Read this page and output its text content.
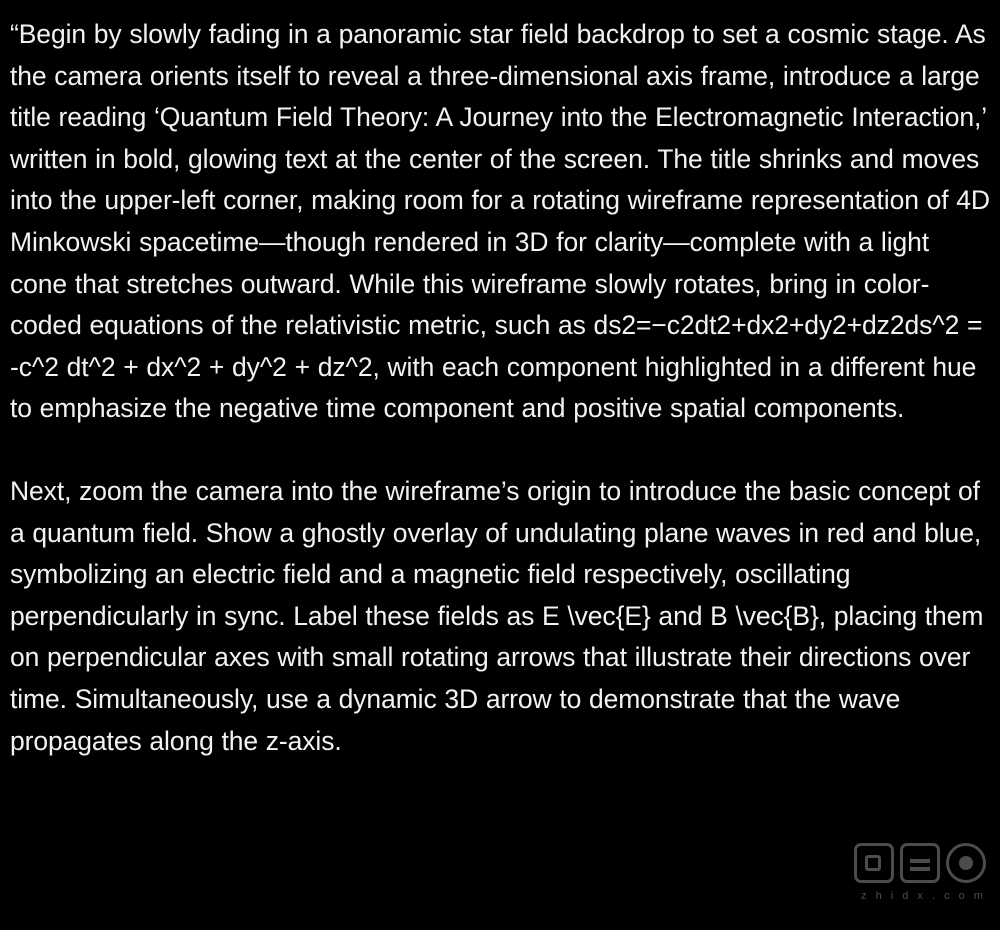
“Begin by slowly fading in a panoramic star field backdrop to set a cosmic stage. As the camera orients itself to reveal a three-dimensional axis frame, introduce a large title reading ‘Quantum Field Theory: A Journey into the Electromagnetic Interaction,’ written in bold, glowing text at the center of the screen. The title shrinks and moves into the upper-left corner, making room for a rotating wireframe representation of 4D Minkowski spacetime—though rendered in 3D for clarity—complete with a light cone that stretches outward. While this wireframe slowly rotates, bring in color-coded equations of the relativistic metric, such as ds2=−c2dt2+dx2+dy2+dz2ds^2 = -c^2 dt^2 + dx^2 + dy^2 + dz^2, with each component highlighted in a different hue to emphasize the negative time component and positive spatial components.

Next, zoom the camera into the wireframe’s origin to introduce the basic concept of a quantum field. Show a ghostly overlay of undulating plane waves in red and blue, symbolizing an electric field and a magnetic field respectively, oscillating perpendicularly in sync. Label these fields as E \vec{E} and B \vec{B}, placing them on perpendicular axes with small rotating arrows that illustrate their directions over time. Simultaneously, use a dynamic 3D arrow to demonstrate that the wave propagates along the z-axis.

z h i d x . c o m
